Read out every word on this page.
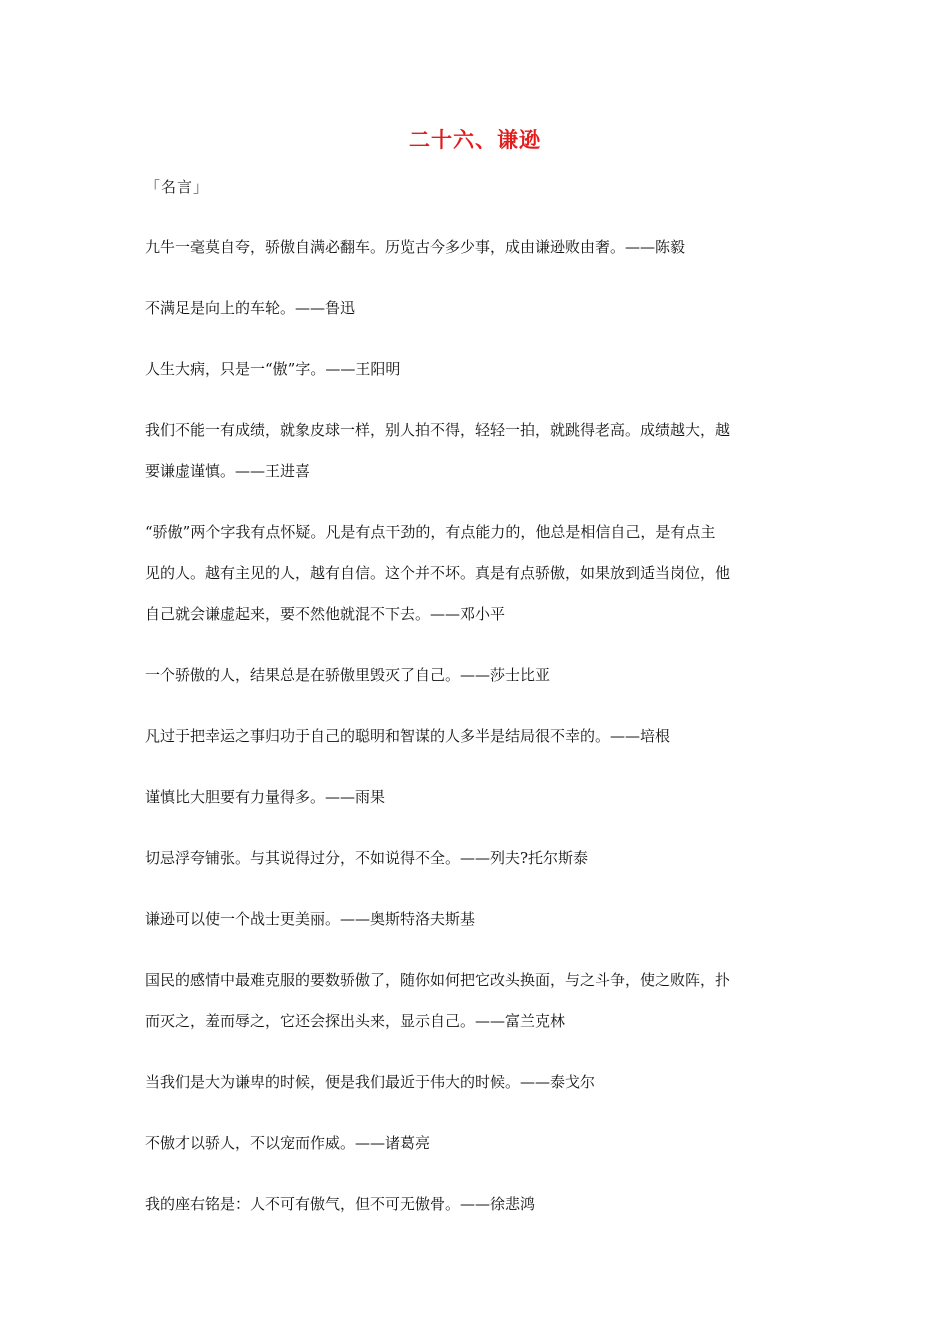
二十六、谦逊
「名言」
九牛一毫莫自夸，骄傲自满必翻车。历览古今多少事，成由谦逊败由奢。——陈毅
不满足是向上的车轮。——鲁迅
人生大病，只是一“傲”字。——王阳明
我们不能一有成绩，就象皮球一样，别人拍不得，轻轻一拍，就跳得老高。成绩越大，越
要谦虚谨慎。——王进喜
“骄傲”两个字我有点怀疑。凡是有点干劲的，有点能力的，他总是相信自己，是有点主
见的人。越有主见的人，越有自信。这个并不坏。真是有点骄傲，如果放到适当岗位，他
自己就会谦虚起来，要不然他就混不下去。——邓小平
一个骄傲的人，结果总是在骄傲里毁灭了自己。——莎士比亚
凡过于把幸运之事归功于自己的聪明和智谋的人多半是结局很不幸的。——培根
谨慎比大胆要有力量得多。——雨果
切忌浮夸铺张。与其说得过分，不如说得不全。——列夫?托尔斯泰
谦逊可以使一个战士更美丽。——奥斯特洛夫斯基
国民的感情中最难克服的要数骄傲了，随你如何把它改头换面，与之斗争，使之败阵，扑
而灭之，羞而辱之，它还会探出头来，显示自己。——富兰克林
当我们是大为谦卑的时候，便是我们最近于伟大的时候。——泰戈尔
不傲才以骄人，不以宠而作威。——诸葛亮
我的座右铭是：人不可有傲气，但不可无傲骨。——徐悲鸿
